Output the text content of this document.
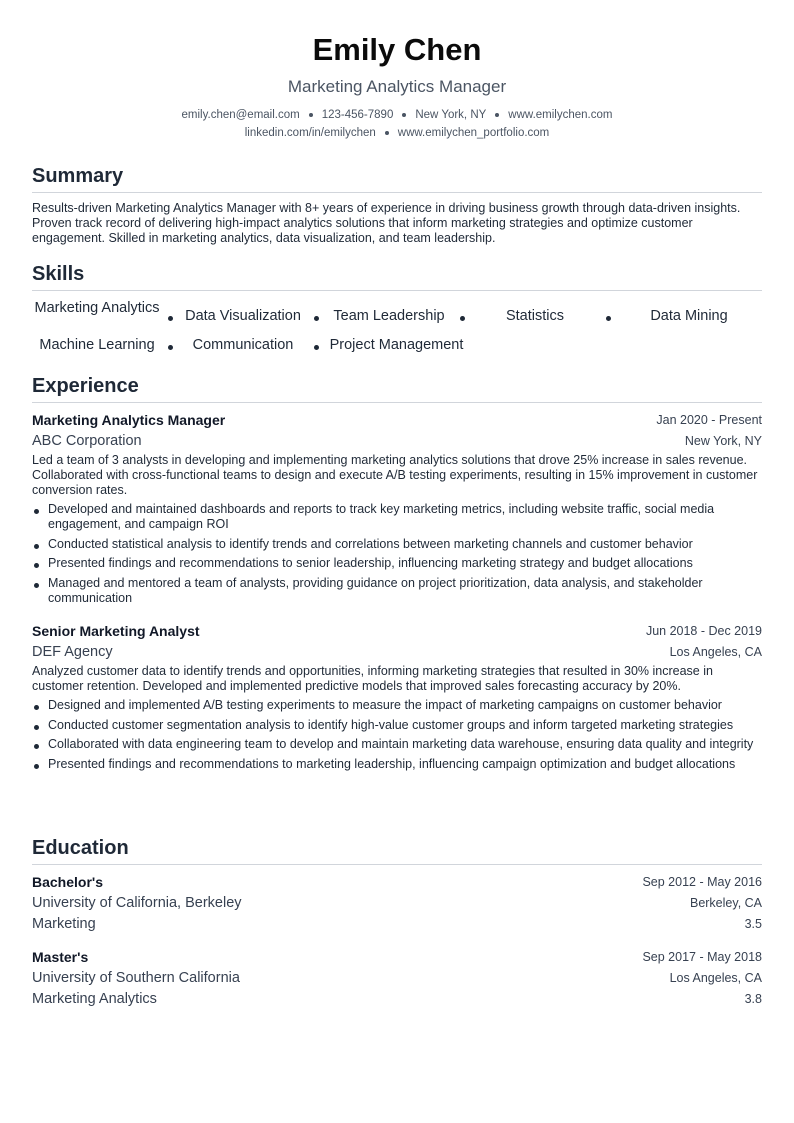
Emily Chen
Marketing Analytics Manager
emily.chen@email.com 123-456-7890 New York, NY www.emilychen.com
linkedin.com/in/emilychen www.emilychen_portfolio.com
Summary
Results-driven Marketing Analytics Manager with 8+ years of experience in driving business growth through data-driven insights. Proven track record of delivering high-impact analytics solutions that inform marketing strategies and optimize customer engagement. Skilled in marketing analytics, data visualization, and team leadership.
Skills
Marketing Analytics	Data Visualization	Team Leadership	Statistics	Data Mining
Machine Learning	Communication	Project Management
Experience
Marketing Analytics Manager	Jan 2020 - Present
ABC Corporation	New York, NY
Led a team of 3 analysts in developing and implementing marketing analytics solutions that drove 25% increase in sales revenue. Collaborated with cross-functional teams to design and execute A/B testing experiments, resulting in 15% improvement in customer conversion rates.
Developed and maintained dashboards and reports to track key marketing metrics, including website traffic, social media engagement, and campaign ROI
Conducted statistical analysis to identify trends and correlations between marketing channels and customer behavior
Presented findings and recommendations to senior leadership, influencing marketing strategy and budget allocations
Managed and mentored a team of analysts, providing guidance on project prioritization, data analysis, and stakeholder communication
Senior Marketing Analyst	Jun 2018 - Dec 2019
DEF Agency	Los Angeles, CA
Analyzed customer data to identify trends and opportunities, informing marketing strategies that resulted in 30% increase in customer retention. Developed and implemented predictive models that improved sales forecasting accuracy by 20%.
Designed and implemented A/B testing experiments to measure the impact of marketing campaigns on customer behavior
Conducted customer segmentation analysis to identify high-value customer groups and inform targeted marketing strategies
Collaborated with data engineering team to develop and maintain marketing data warehouse, ensuring data quality and integrity
Presented findings and recommendations to marketing leadership, influencing campaign optimization and budget allocations
Education
Bachelor's	Sep 2012 - May 2016
University of California, Berkeley	Berkeley, CA
Marketing	3.5
Master's	Sep 2017 - May 2018
University of Southern California	Los Angeles, CA
Marketing Analytics	3.8
